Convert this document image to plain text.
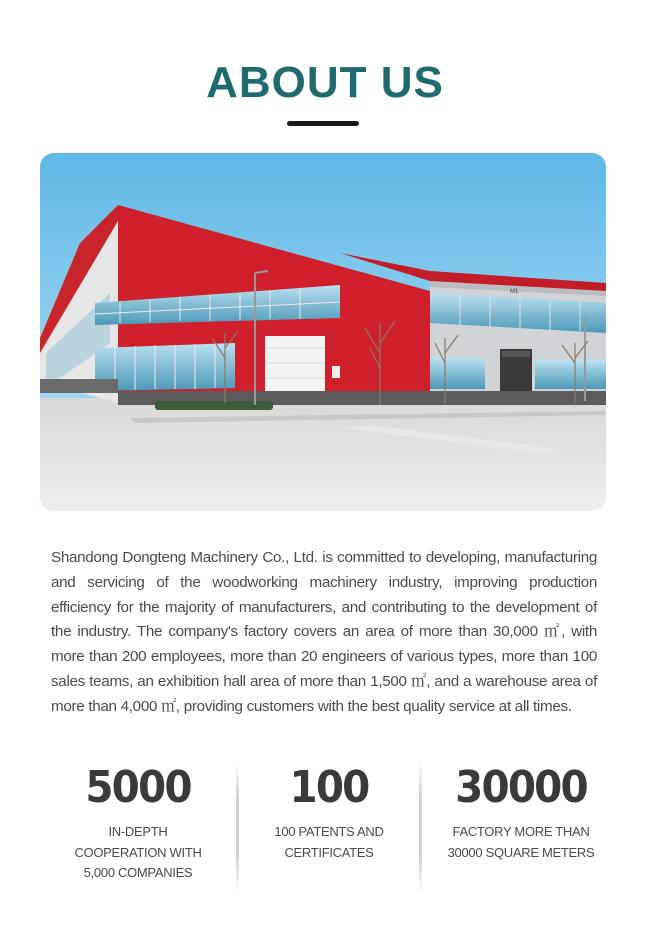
ABOUT US
M1

Shandong Dongteng Machinery Co., Ltd. is committed to developing, manufacturing and servicing of the woodworking machinery industry, improving production efficiency for the majority of manufacturers, and contributing to the development of the industry. The company's factory covers an area of more than 30,000 ㎡, with more than 200 employees, more than 20 engineers of various types, more than 100 sales teams, an exhibition hall area of more than 1,500 ㎡, and a warehouse area of more than 4,000 ㎡, providing customers with the best quality service at all times.

5000
IN-DEPTH COOPERATION WITH 5,000 COMPANIES
100
100 PATENTS AND CERTIFICATES
30000
FACTORY MORE THAN 30000 SQUARE METERS
